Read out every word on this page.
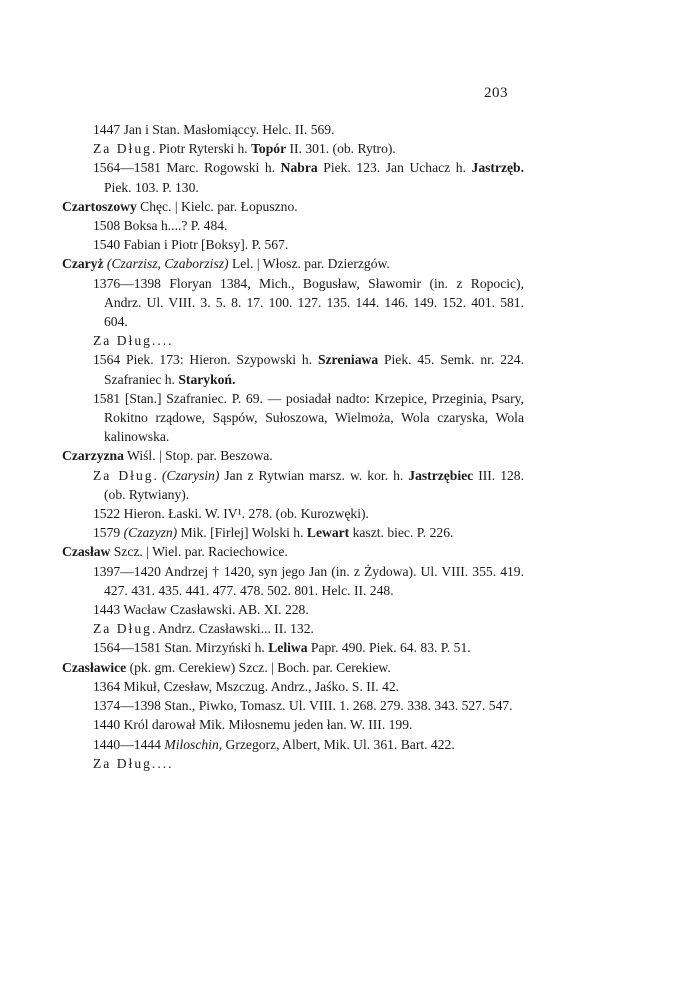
203

1447 Jan i Stan. Masłomiąccy. Helc. II. 569.

Za Dług. Piotr Ryterski h. Topór II. 301. (ob. Rytro).

1564—1581 Marc. Rogowski h. Nabra Piek. 123. Jan Uchacz h. Jastrzęb. Piek. 103. P. 130.

Czartoszowy Chęc. | Kielc. par. Łopuszno.

1508 Boksa h....? P. 484.

1540 Fabian i Piotr [Boksy]. P. 567.

Czaryż (Czarzisz, Czaborzisz) Lel. | Włosz. par. Dzierzgów.

1376—1398 Floryan 1384, Mich., Bogusław, Sławomir (in. z Ropocic), Andrz. Ul. VIII. 3. 5. 8. 17. 100. 127. 135. 144. 146. 149. 152. 401. 581. 604.

Za Dług....

1564 Piek. 173: Hieron. Szypowski h. Szreniawa Piek. 45. Semk. nr. 224. Szafraniec h. Starykoń.

1581 [Stan.] Szafraniec. P. 69. — posiadał nadto: Krzepice, Przeginia, Psary, Rokitno rządowe, Sąspów, Sułoszowa, Wielmoża, Wola czaryska, Wola kalinowska.

Czarzyzna Wiśl. | Stop. par. Beszowa.

Za Dług. (Czarysin) Jan z Rytwian marsz. w. kor. h. Jastrzębiec III. 128. (ob. Rytwiany).

1522 Hieron. Łaski. W. IV¹. 278. (ob. Kurozwęki).

1579 (Czazyzn) Mik. [Firlej] Wolski h. Lewart kaszt. biec. P. 226.

Czasław Szcz. | Wiel. par. Raciechowice.

1397—1420 Andrzej † 1420, syn jego Jan (in. z Żydowa). Ul. VIII. 355. 419. 427. 431. 435. 441. 477. 478. 502. 801. Helc. II. 248.

1443 Wacław Czasławski. AB. XI. 228.

Za Dług. Andrz. Czasławski... II. 132.

1564—1581 Stan. Mirzyński h. Leliwa Papr. 490. Piek. 64. 83. P. 51.

Czasławice (pk. gm. Cerekiew) Szcz. | Boch. par. Cerekiew.

1364 Mikuł, Czesław, Mszczug. Andrz., Jaśko. S. II. 42.

1374—1398 Stan., Piwko, Tomasz. Ul. VIII. 1. 268. 279. 338. 343. 527. 547.

1440 Król darował Mik. Miłosnemu jeden łan. W. III. 199.

1440—1444 Miloschin, Grzegorz, Albert, Mik. Ul. 361. Bart. 422.

Za Dług....
